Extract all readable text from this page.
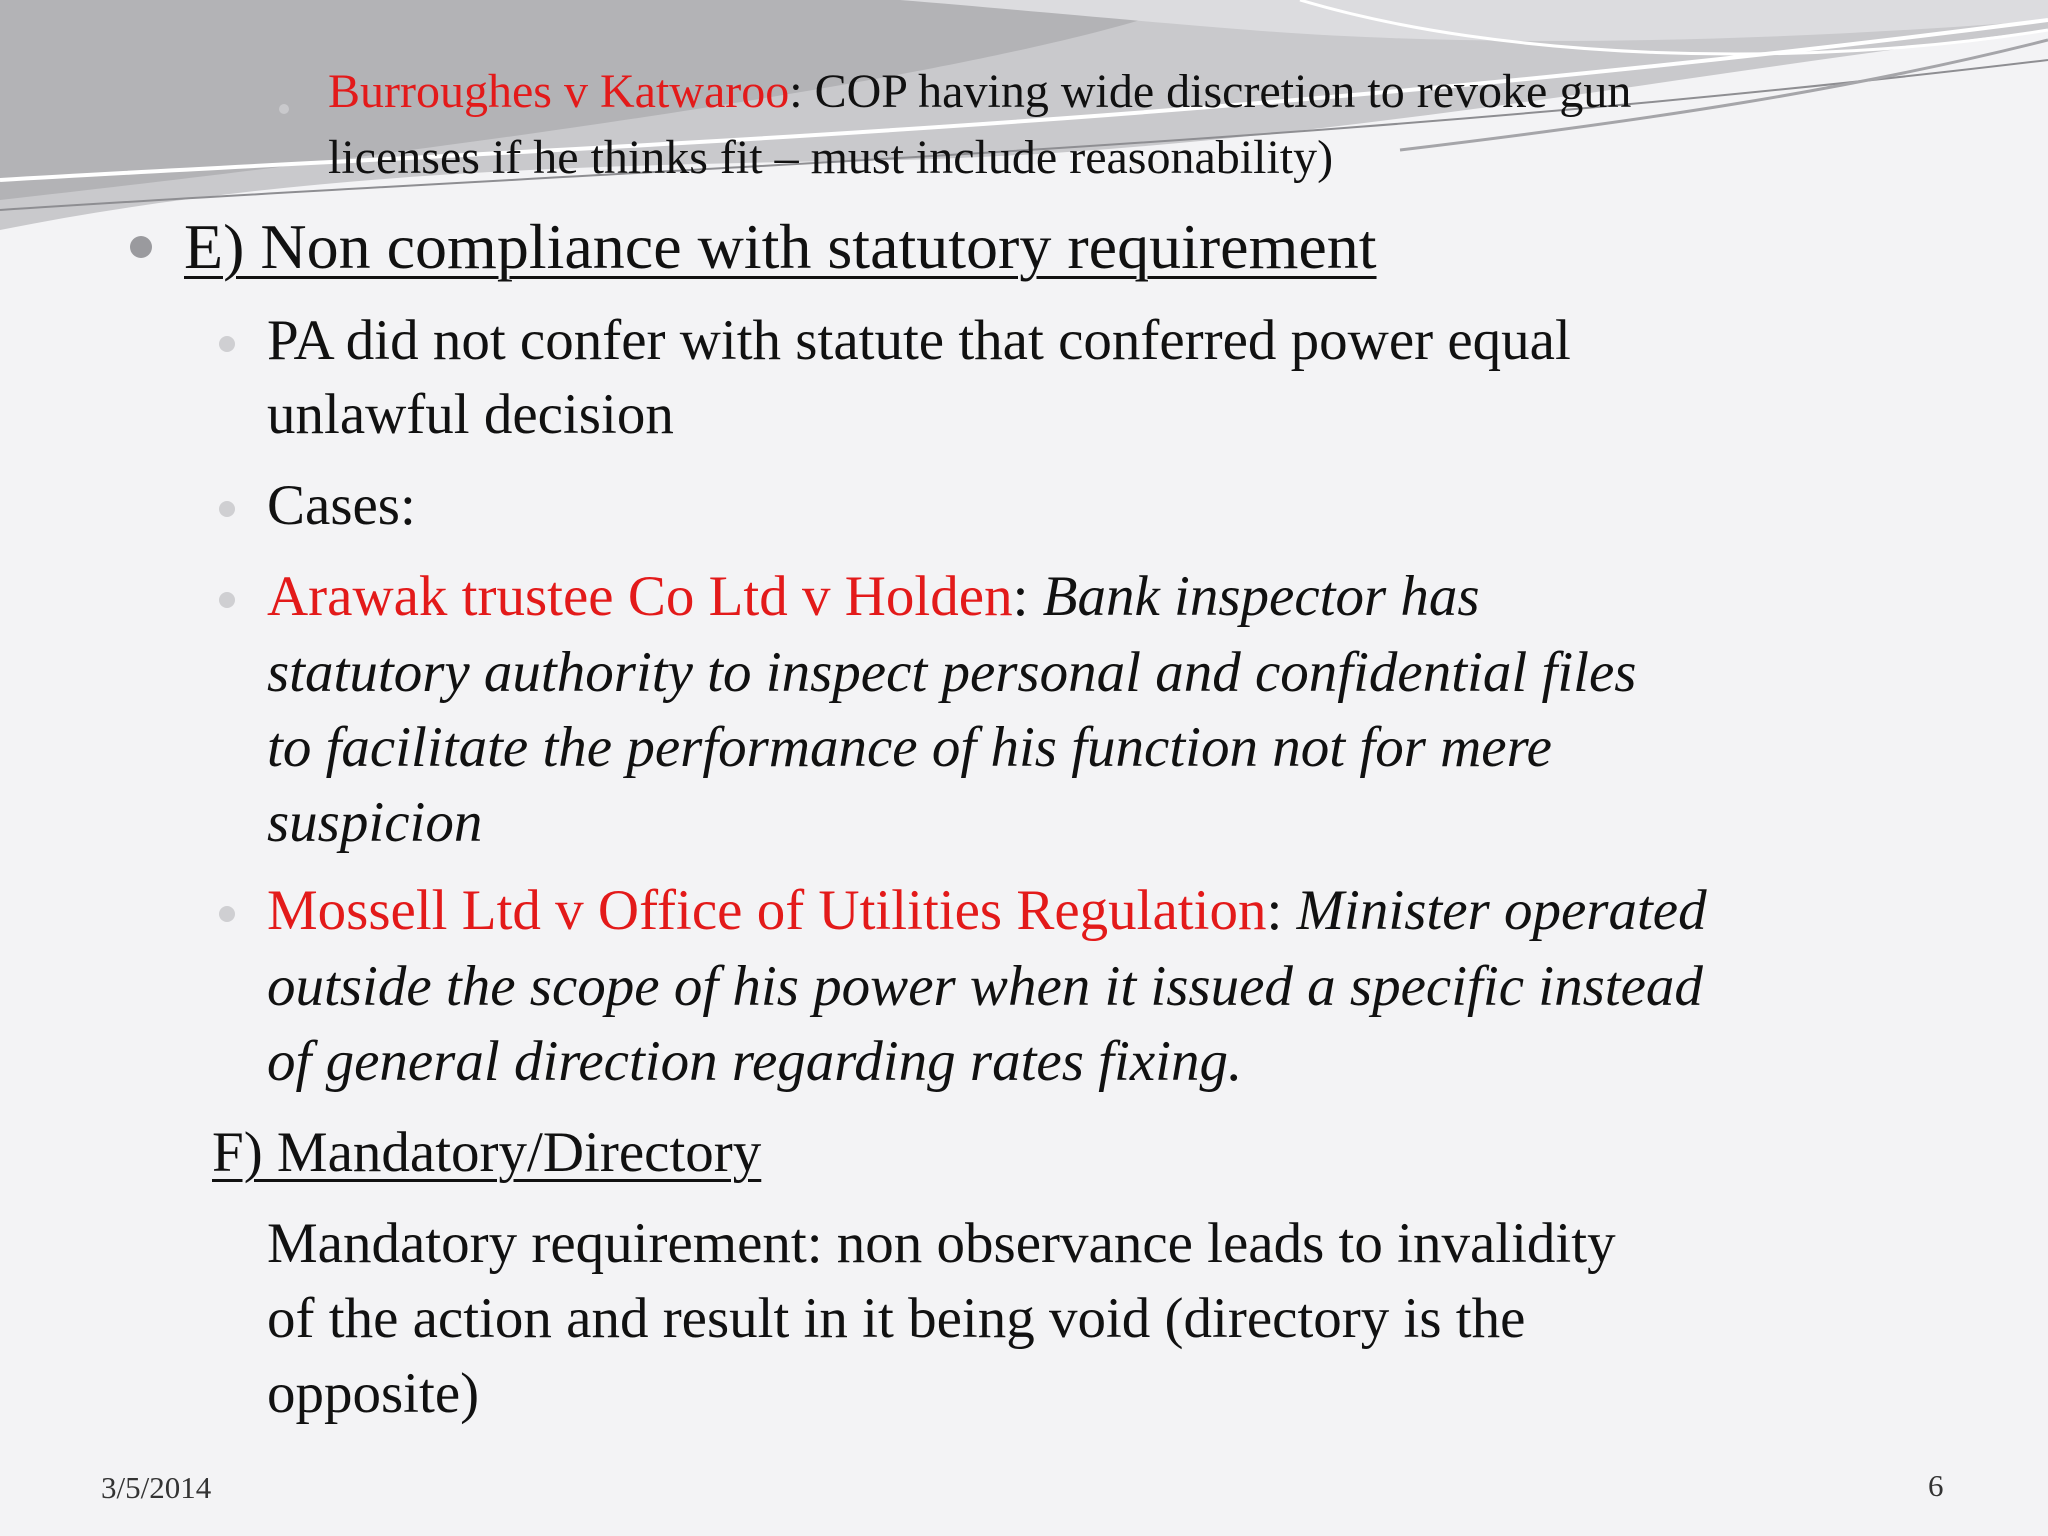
Burroughes v Katwaroo: COP having wide discretion to revoke gun
licenses if he thinks fit – must include reasonability)
E) Non compliance with statutory requirement
PA did not confer with statute that conferred power equal
unlawful decision
Cases:
Arawak trustee Co Ltd v Holden: Bank inspector has
statutory authority to inspect personal and confidential files
to facilitate the performance of his function not for mere
suspicion
Mossell Ltd v Office of Utilities Regulation: Minister operated
outside the scope of his power when it issued a specific instead
of general direction regarding rates fixing.
F) Mandatory/Directory
Mandatory requirement: non observance leads to invalidity
of the action and result in it being void (directory is the
opposite)
3/5/2014	6
